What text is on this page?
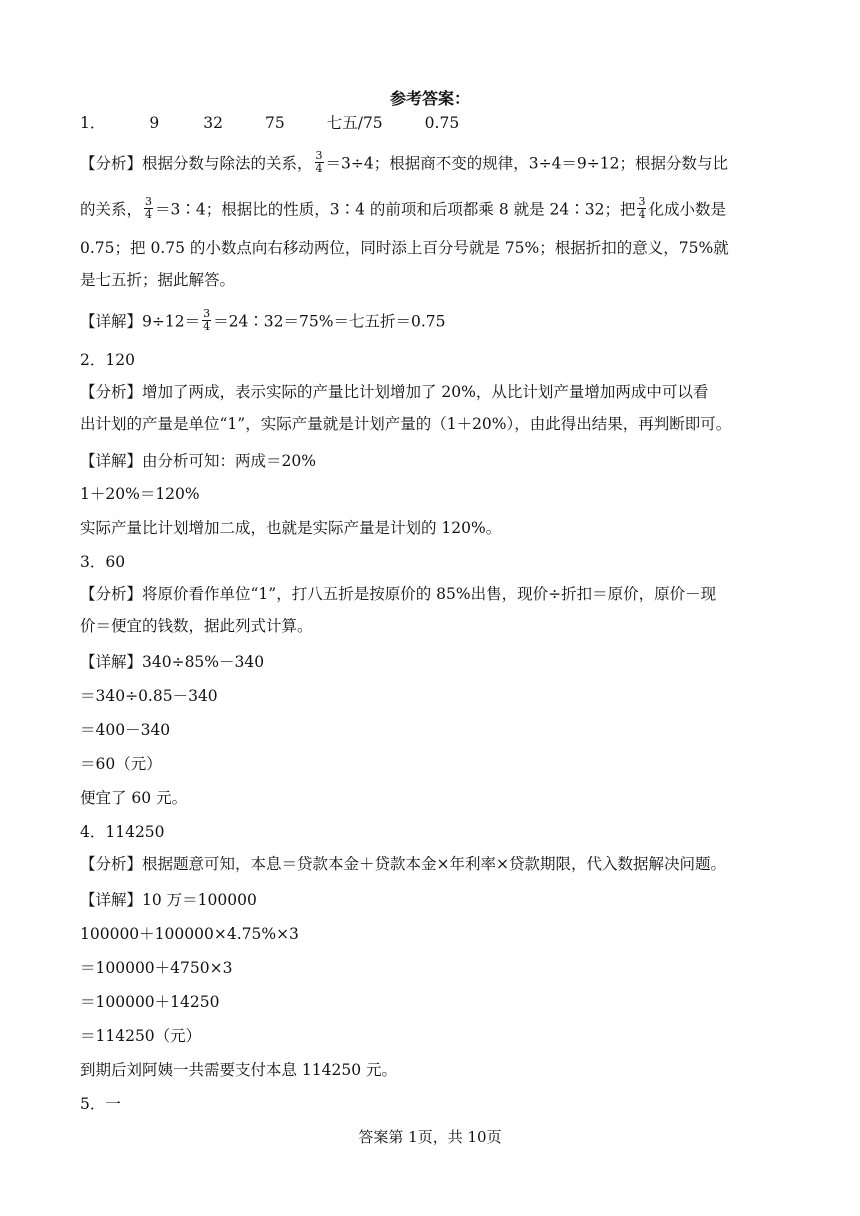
参考答案：
1．	9	32	75	七五/75	0.75
【分析】根据分数与除法的关系， $\frac{3}{4} =3\div 4$；根据商不变的规律，3÷4＝9÷12；根据分数与比
的关系， $\frac{3}{4}$ ＝3∶4；根据比的性质，3∶4 的前项和后项都乘 8 就是 24∶32；把 $\frac{3}{4}$ 化成小数是
0.75；把 0.75 的小数点向右移动两位，同时添上百分号就是 75%；根据折扣的意义，75%就
是七五折；据此解答。
【详解】$9\div 12= \frac{3}{4}$ ＝24∶32＝75%＝七五折＝0.75
2．120
【分析】增加了两成，表示实际的产量比计划增加了 20%，从比计划产量增加两成中可以看
出计划的产量是单位“1”，实际产量就是计划产量的（1＋20%），由此得出结果，再判断即可。
【详解】由分析可知：两成＝20%
1＋20%＝120%
实际产量比计划增加二成，也就是实际产量是计划的 120%。
3．60
【分析】将原价看作单位“1”，打八五折是按原价的 85%出售，现价÷折扣＝原价，原价－现
价＝便宜的钱数，据此列式计算。
【详解】340÷85%－340
＝340÷0.85－340
＝400－340
＝60（元）
便宜了 60 元。
4．114250
【分析】根据题意可知，本息＝贷款本金＋贷款本金×年利率×贷款期限，代入数据解决问题。
【详解】10 万＝100000
100000＋100000×4.75%×3
＝100000＋4750×3
＝100000＋14250
＝114250（元）
到期后刘阿姨一共需要支付本息 114250 元。
5．一
答案第 1页，共 10页
